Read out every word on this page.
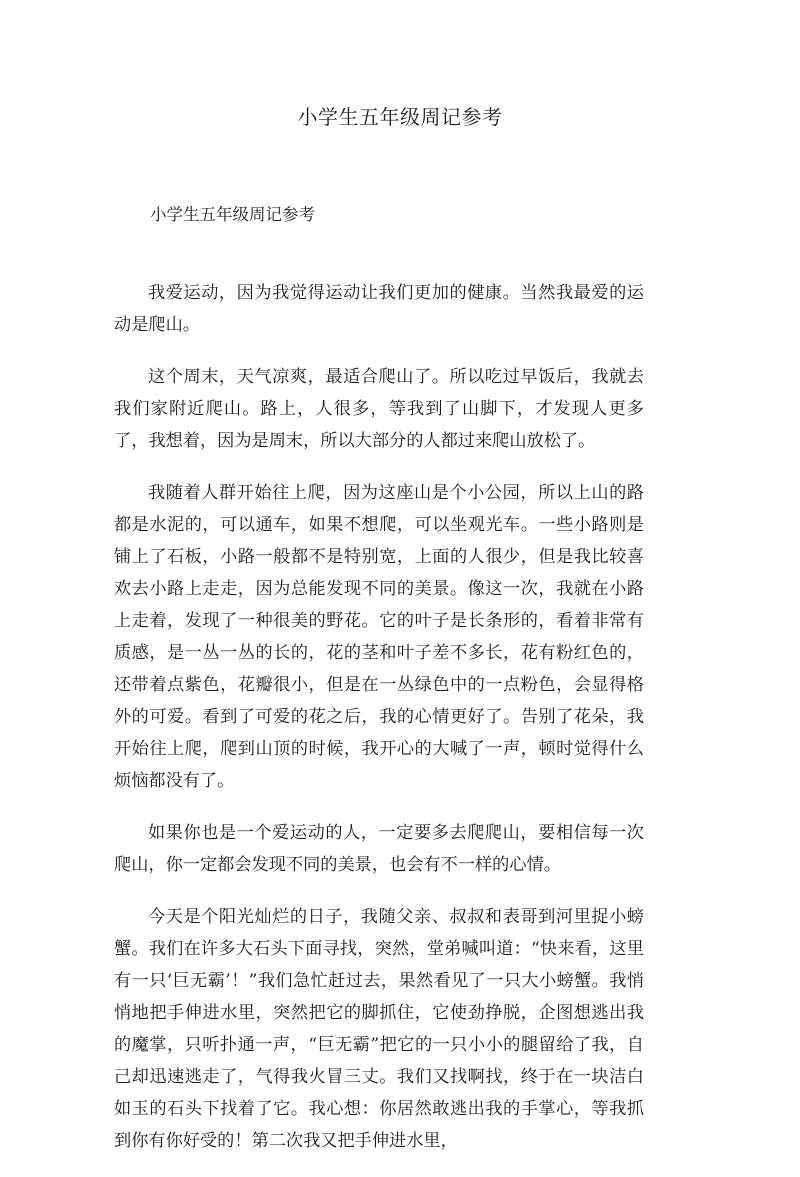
小学生五年级周记参考
小学生五年级周记参考

我爱运动，因为我觉得运动让我们更加的健康。当然我最爱的运动是爬山。

这个周末，天气凉爽，最适合爬山了。所以吃过早饭后，我就去我们家附近爬山。路上，人很多，等我到了山脚下，才发现人更多了，我想着，因为是周末，所以大部分的人都过来爬山放松了。

我随着人群开始往上爬，因为这座山是个小公园，所以上山的路都是水泥的，可以通车，如果不想爬，可以坐观光车。一些小路则是铺上了石板，小路一般都不是特别宽，上面的人很少，但是我比较喜欢去小路上走走，因为总能发现不同的美景。像这一次，我就在小路上走着，发现了一种很美的野花。它的叶子是长条形的，看着非常有质感，是一丛一丛的长的，花的茎和叶子差不多长，花有粉红色的，还带着点紫色，花瓣很小，但是在一丛绿色中的一点粉色，会显得格外的可爱。看到了可爱的花之后，我的心情更好了。告别了花朵，我开始往上爬，爬到山顶的时候，我开心的大喊了一声，顿时觉得什么烦恼都没有了。

如果你也是一个爱运动的人，一定要多去爬爬山，要相信每一次爬山，你一定都会发现不同的美景，也会有不一样的心情。

今天是个阳光灿烂的日子，我随父亲、叔叔和表哥到河里捉小螃蟹。我们在许多大石头下面寻找，突然，堂弟喊叫道：“快来看，这里有一只‘巨无霸’！”我们急忙赶过去，果然看见了一只大小螃蟹。我悄悄地把手伸进水里，突然把它的脚抓住，它使劲挣脱，企图想逃出我的魔掌，只听扑通一声，“巨无霸”把它的一只小小的腿留给了我，自己却迅速逃走了，气得我火冒三丈。我们又找啊找，终于在一块洁白如玉的石头下找着了它。我心想：你居然敢逃出我的手掌心，等我抓到你有你好受的！第二次我又把手伸进水里，
